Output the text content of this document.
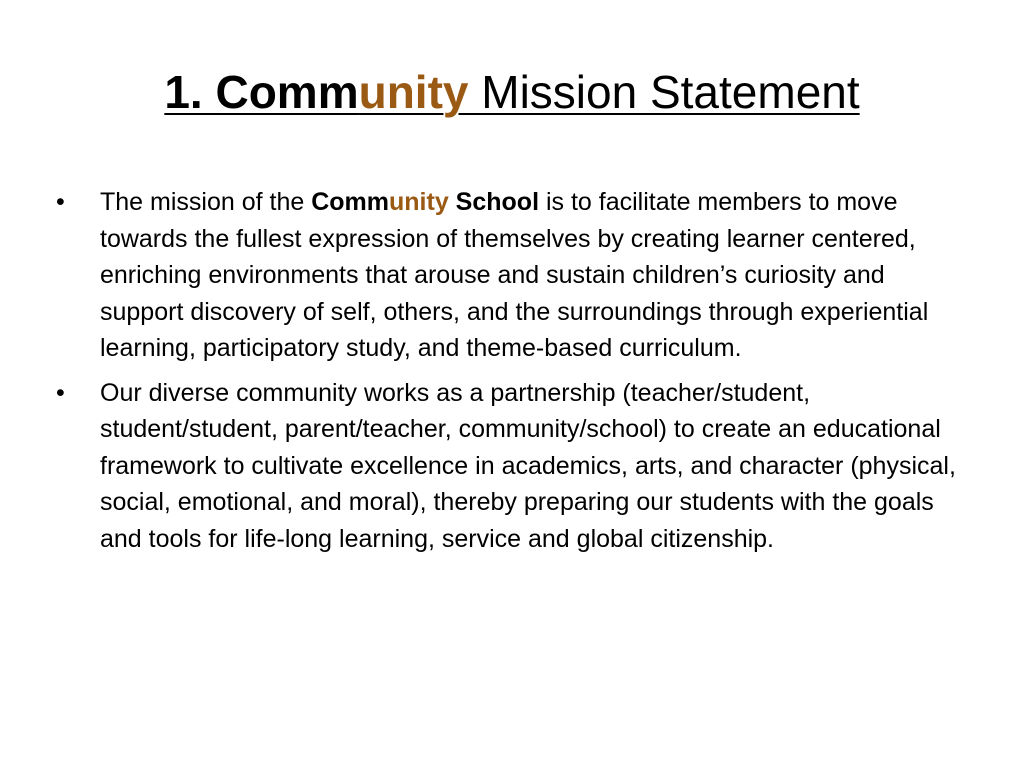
1. Community Mission Statement
• The mission of the Community School is to facilitate members to move towards the fullest expression of themselves by creating learner centered, enriching environments that arouse and sustain children’s curiosity and support discovery of self, others, and the surroundings through experiential learning, participatory study, and theme-based curriculum.
• Our diverse community works as a partnership (teacher/student, student/student, parent/teacher, community/school) to create an educational framework to cultivate excellence in academics, arts, and character (physical, social, emotional, and moral), thereby preparing our students with the goals and tools for life-long learning, service and global citizenship.
